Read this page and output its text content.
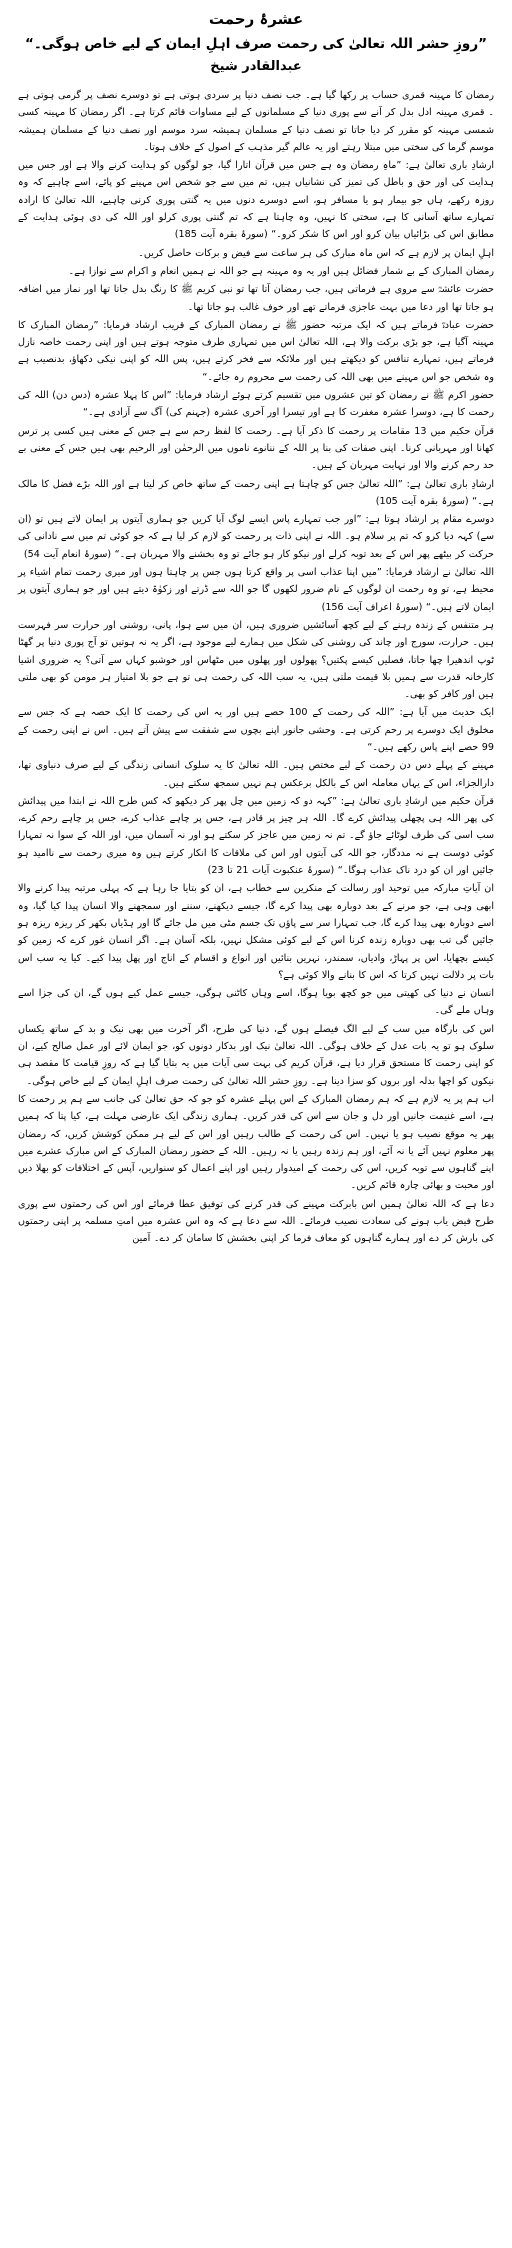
عشرۂ رحمت
”روزِ حشر اللہ تعالیٰ کی رحمت صرف اہلِ ایمان کے لیے خاص ہوگی۔“
عبدالقادر شیخ

رمضان کا مہینہ قمری حساب پر رکھا گیا ہے۔ جب نصف دنیا پر سردی ہوتی ہے تو دوسرے نصف پر گرمی ہوتی ہے ۔ قمری مہینہ ادل بدل کر آنے سے پوری دنیا کے مسلمانوں کے لیے مساوات قائم کرتا ہے۔ اگر رمضان کا مہینہ کسی شمسی مہینہ کو مقرر کر دیا جاتا تو نصف دنیا کے مسلمان ہمیشہ سرد موسم اور نصف دنیا کے مسلمان ہمیشہ موسم گرما کی سختی میں مبتلا رہتے اور یہ عالم گیر مذہب کے اصول کے خلاف ہوتا۔

ارشادِ باری تعالیٰ ہے: ”ماہِ رمضان وہ ہے جس میں قرآن اتارا گیا، جو لوگوں کو ہدایت کرنے والا ہے اور جس میں ہدایت کی اور حق و باطل کی تمیز کی نشانیاں ہیں، تم میں سے جو شخص اس مہینے کو پائے، اسے چاہیے کہ وہ روزہ رکھے، ہاں جو بیمار ہو یا مسافر ہو، اسے دوسرے دنوں میں یہ گنتی پوری کرنی چاہیے، اللہ تعالیٰ کا ارادہ تمہارے ساتھ آسانی کا ہے، سختی کا نہیں، وہ چاہتا ہے کہ تم گنتی پوری کرلو اور اللہ کی دی ہوئی ہدایت کے مطابق اس کی بڑائیاں بیان کرو اور اس کا شکر کرو۔“ (سورۂ بقرہ آیت 185)

اہلِ ایمان پر لازم ہے کہ اس ماہ مبارک کی ہر ساعت سے فیض و برکات حاصل کریں۔

رمضان المبارک کے بے شمار فضائل ہیں اور یہ وہ مہینہ ہے جو اللہ نے ہمیں انعام و اکرام سے نوازا ہے۔

حضرت عائشہؓ سے مروی ہے فرماتی ہیں، جب رمضان آتا تھا تو نبی کریم ﷺ کا رنگ بدل جاتا تھا اور نماز میں اضافہ ہو جاتا تھا اور دعا میں بہت عاجزی فرماتے تھے اور خوف غالب ہو جاتا تھا۔

حضرت عبادہؓ فرماتے ہیں کہ ایک مرتبہ حضور ﷺ نے رمضان المبارک کے قریب ارشاد فرمایا: ”رمضان المبارک کا مہینہ آگیا ہے، جو بڑی برکت والا ہے، اللہ تعالیٰ اس میں تمہاری طرف متوجہ ہوتے ہیں اور اپنی رحمت خاصہ نازل فرماتے ہیں، تمہارے تنافس کو دیکھتے ہیں اور ملائکہ سے فخر کرتے ہیں، پس اللہ کو اپنی نیکی دکھاؤ، بدنصیب ہے وہ شخص جو اس مہینے میں بھی اللہ کی رحمت سے محروم رہ جائے۔“

حضور اکرم ﷺ نے رمضان کو تین عشروں میں تقسیم کرتے ہوئے ارشاد فرمایا: ”اس کا پہلا عشرہ (دس دن) اللہ کی رحمت کا ہے، دوسرا عشرہ مغفرت کا ہے اور تیسرا اور آخری عشرہ (جہنم کی) آگ سے آزادی ہے۔“

قرآن حکیم میں 13 مقامات پر رحمت کا ذکر آیا ہے۔ رحمت کا لفظ رحم سے ہے جس کے معنی ہیں کسی پر ترس کھانا اور مہربانی کرنا۔ اپنی صفات کی بنا پر اللہ کے ننانوے ناموں میں الرحمٰن اور الرحیم بھی ہیں جس کے معنی بے حد رحم کرنے والا اور نہایت مہربان کے ہیں۔

ارشادِ باری تعالیٰ ہے: ”اللہ تعالیٰ جس کو چاہتا ہے اپنی رحمت کے ساتھ خاص کر لیتا ہے اور اللہ بڑے فضل کا مالک ہے۔“ (سورۂ بقرہ آیت 105)

دوسرے مقام پر ارشاد ہوتا ہے: ”اور جب تمہارے پاس ایسے لوگ آیا کریں جو ہماری آیتوں پر ایمان لاتے ہیں تو (ان سے) کہہ دیا کرو کہ تم پر سلام ہو۔ اللہ نے اپنی ذات پر رحمت کو لازم کر لیا ہے کہ جو کوئی تم میں سے نادانی کی حرکت کر بیٹھے پھر اس کے بعد توبہ کرلے اور نیکو کار ہو جائے تو وہ بخشنے والا مہربان ہے۔“ (سورۂ انعام آیت 54)

اللہ تعالیٰ نے ارشاد فرمایا: ”میں اپنا عذاب اسی پر واقع کرتا ہوں جس پر چاہتا ہوں اور میری رحمت تمام اشیاء پر محیط ہے، تو وہ رحمت ان لوگوں کے نام ضرور لکھوں گا جو اللہ سے ڈرتے اور زکوٰۃ دیتے ہیں اور جو ہماری آیتوں پر ایمان لاتے ہیں۔“ (سورۂ اعراف آیت 156)

ہر متنفس کے زندہ رہنے کے لیے کچھ آسائشیں ضروری ہیں، ان میں سے ہوا، پانی، روشنی اور حرارت سر فہرست ہیں۔ حرارت، سورج اور چاند کی روشنی کی شکل میں ہمارے لیے موجود ہے، اگر یہ نہ ہوتیں تو آج پوری دنیا پر گھٹا ٹوپ اندھیرا چھا جاتا، فصلیں کیسے پکتیں؟ پھولوں اور پھلوں میں مٹھاس اور خوشبو کہاں سے آتی؟ یہ ضروری اشیا کارخانہ قدرت سے ہمیں بلا قیمت ملتی ہیں، یہ سب اللہ کی رحمت ہی تو ہے جو بلا امتیاز ہر مومن کو بھی ملتی ہیں اور کافر کو بھی۔

ایک حدیث میں آیا ہے: ”اللہ کی رحمت کے 100 حصے ہیں اور یہ اس کی رحمت کا ایک حصہ ہے کہ جس سے مخلوق ایک دوسرے پر رحم کرتی ہے۔ وحشی جانور اپنے بچوں سے شفقت سے پیش آتے ہیں۔ اس نے اپنی رحمت کے 99 حصے اپنے پاس رکھے ہیں۔“

مہینے کے پہلے دس دن رحمت کے لیے مختص ہیں۔ اللہ تعالیٰ کا یہ سلوک انسانی زندگی کے لیے صرف دنیاوی تھا، دارالجزاء، اس کے یہاں معاملہ اس کے بالکل برعکس ہم نہیں سمجھ سکتے ہیں۔

قرآن حکیم میں ارشادِ باری تعالیٰ ہے: ”کہہ دو کہ زمین میں چل پھر کر دیکھو کہ کس طرح اللہ نے ابتدا میں پیدائش کی پھر اللہ ہی پچھلی پیدائش کرے گا۔ اللہ ہر چیز پر قادر ہے، جس پر چاہے عذاب کرے، جس پر چاہے رحم کرے، سب اسی کی طرف لوٹائے جاؤ گے۔ تم نہ زمین میں عاجز کر سکتے ہو اور نہ آسمان میں، اور اللہ کے سوا نہ تمہارا کوئی دوست ہے نہ مددگار، جو اللہ کی آیتوں اور اس کی ملاقات کا انکار کرتے ہیں وہ میری رحمت سے ناامید ہو جائیں اور ان کو درد ناک عذاب ہوگا۔“ (سورۂ عنکبوت آیات 21 تا 23)

ان آیاتِ مبارکہ میں توحید اور رسالت کے منکرین سے خطاب ہے، ان کو بتایا جا رہا ہے کہ پہلی مرتبہ پیدا کرنے والا ابھی وہی ہے، جو مرنے کے بعد دوبارہ بھی پیدا کرے گا، جیسے دیکھنے، سننے اور سمجھنے والا انسان پیدا کیا گیا، وہ اسے دوبارہ بھی پیدا کرے گا، جب تمہارا سر سے پاؤں تک جسم مٹی میں مل جائے گا اور ہڈیاں بکھر کر ریزہ ریزہ ہو جائیں گی تب بھی دوبارہ زندہ کرنا اس کے لیے کوئی مشکل نہیں، بلکہ آسان ہے۔ اگر انسان غور کرے کہ زمین کو کیسے بچھایا، اس پر پہاڑ، وادیاں، سمندر، نہریں بنائیں اور انواع و اقسام کے اناج اور پھل پیدا کیے۔ کیا یہ سب اس بات پر دلالت نہیں کرتا کہ اس کا بنانے والا کوئی ہے؟

انسان نے دنیا کی کھیتی میں جو کچھ بویا ہوگا، اسے وہاں کاٹنی ہوگی، جیسے عمل کیے ہوں گے، ان کی جزا اسے وہاں ملے گی۔

اس کی بارگاہ میں سب کے لیے الگ فیصلے ہوں گے، دنیا کی طرح، اگر آخرت میں بھی نیک و بد کے ساتھ یکساں سلوک ہو تو یہ بات عدل کے خلاف ہوگی۔ اللہ تعالیٰ نیک اور بدکار دونوں کو، جو ایمان لائے اور عمل صالح کیے، ان کو اپنی رحمت کا مستحق قرار دیا ہے، قرآن کریم کی بہت سی آیات میں یہ بتایا گیا ہے کہ روزِ قیامت کا مقصد ہی نیکوں کو اچھا بدلہ اور بروں کو سزا دینا ہے۔ روزِ حشر اللہ تعالیٰ کی رحمت صرف اہلِ ایمان کے لیے خاص ہوگی۔

اب ہم پر یہ لازم ہے کہ ہم رمضان المبارک کے اس پہلے عشرہ کو جو کہ حق تعالیٰ کی جانب سے ہم پر رحمت کا ہے، اسے غنیمت جانیں اور دل و جان سے اس کی قدر کریں۔ ہماری زندگی ایک عارضی مہلت ہے، کیا پتا کہ ہمیں پھر یہ موقع نصیب ہو یا نہیں۔ اس کی رحمت کے طالب رہیں اور اس کے لیے ہر ممکن کوشش کریں، کہ رمضان پھر معلوم نہیں آئے یا نہ آئے، اور ہم زندہ رہیں یا نہ رہیں۔ اللہ کے حضور رمضان المبارک کے اس مبارک عشرے میں اپنے گناہوں سے توبہ کریں، اس کی رحمت کے امیدوار رہیں اور اپنے اعمال کو سنواریں، آپس کے اختلافات کو بھلا دیں اور محبت و بھائی چارہ قائم کریں۔

دعا ہے کہ اللہ تعالیٰ ہمیں اس بابرکت مہینے کی قدر کرنے کی توفیق عطا فرمائے اور اس کی رحمتوں سے پوری طرح فیض یاب ہونے کی سعادت نصیب فرمائے۔ اللہ سے دعا ہے کہ وہ اس عشرہ میں امتِ مسلمہ پر اپنی رحمتوں کی بارش کر دے اور ہمارے گناہوں کو معاف فرما کر اپنی بخشش کا سامان کر دے۔ آمین
